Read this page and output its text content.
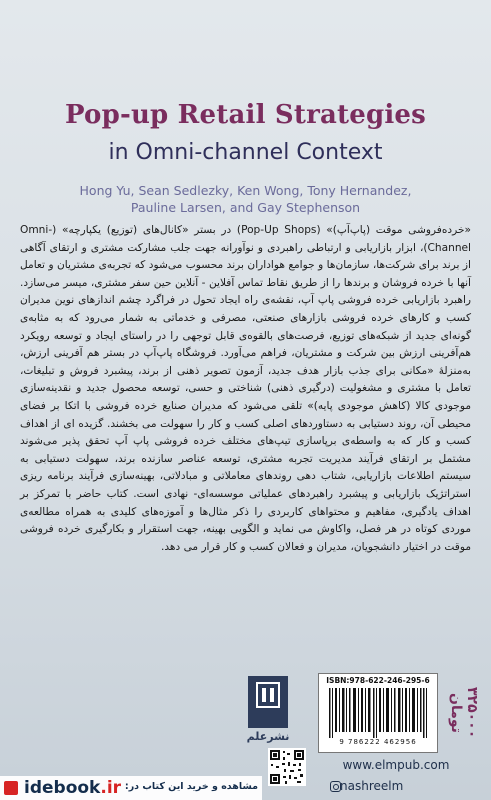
Pop-up Retail Strategies
in Omni-channel Context
Hong Yu, Sean Sedlezky, Ken Wong, Tony Hernandez,
Pauline Larsen, and Gay Stephenson

«خرده‌فروشی موقت (پاپ‌آپ)» (Pop-Up Shops) در بستر «کانال‌های (توزیع) یکپارچه» (Omni-Channel)، ابزار بازاریابی و ارتباطی راهبردی و نوآورانه جهت جلب مشارکت مشتری و ارتقای آگاهی از برند برای شرکت‌ها، سازمان‌ها و جوامع هواداران برند محسوب می‌شود که تجربه‌ی مشتریان و تعامل آنها با خرده فروشان و برندها را از طریق نقاط تماس آفلاین - آنلاین حین سفر مشتری، میسر می‌سازد. راهبرد بازاریابی خرده فروشی پاپ آپ، نقشه‌ی راه ایجاد تحول در فراگرد چشم اندازهای نوین مدیران کسب و کارهای خرده فروشی بازارهای صنعتی، مصرفی و خدماتی به شمار می‌رود که به مثابه‌ی گونه‌ای جدید از شبکه‌های توزیع، فرصت‌های بالقوه‌ی قابل توجهی را در راستای ایجاد و توسعه رویکرد هم‌آفرینی ارزش بین شرکت و مشتریان، فراهم می‌آورد. فروشگاه پاپ‌آپ در بستر هم آفرینی ارزش، به‌منزلهٔ «مکانی برای جذب بازار هدف جدید، آزمون تصویر ذهنی از برند، پیشبرد فروش و تبلیغات، تعامل با مشتری و مشغولیت (درگیری ذهنی) شناختی و حسی، توسعه محصول جدید و نقدینه‌سازی موجودی کالا (کاهش موجودی پایه)» تلقی می‌شود که مدیران صنایع خرده فروشی با اتکا بر فضای محیطی آن، روند دستیابی به دستاوردهای اصلی کسب و کار را سهولت می‌ بخشند. گزیده ای از اهداف کسب و کار که به واسطه‌ی برپاسازی تیپ‌های مختلف خرده فروشی پاپ آپ تحقق پذیر می‌شوند مشتمل بر ارتقای فرآیند مدیریت تجربه مشتری، توسعه عناصر سازنده برند، سهولت دستیابی به سیستم اطلاعات بازاریابی، شتاب دهی روندهای معاملاتی و مبادلاتی، بهینه‌سازی فرآیند برنامه ریزی استراتژیک بازاریابی و پیشبرد راهبردهای عملیاتی موسسه‌ای- نهادی است. کتاب حاضر با تمرکز بر اهداف یادگیری، مفاهیم و محتواهای کاربردی را ذکر مثال‌ها و آموزه‌های کلیدی به همراه مطالعه‌ی موردی کوتاه در هر فصل، واکاوش می نماید و الگویی بهینه، جهت استقرار و بکارگیری خرده فروشی موقت در اختیار دانشجویان، مدیران و فعالان کسب و کار قرار می دهد.

۳۲۵۰۰۰ تومان
ISBN:978-622-246-295-6
9 786222 462956
نشرعلم
www.elmpub.com
nashreelm
idebook.ir مشاهده و خرید این کتاب در:
